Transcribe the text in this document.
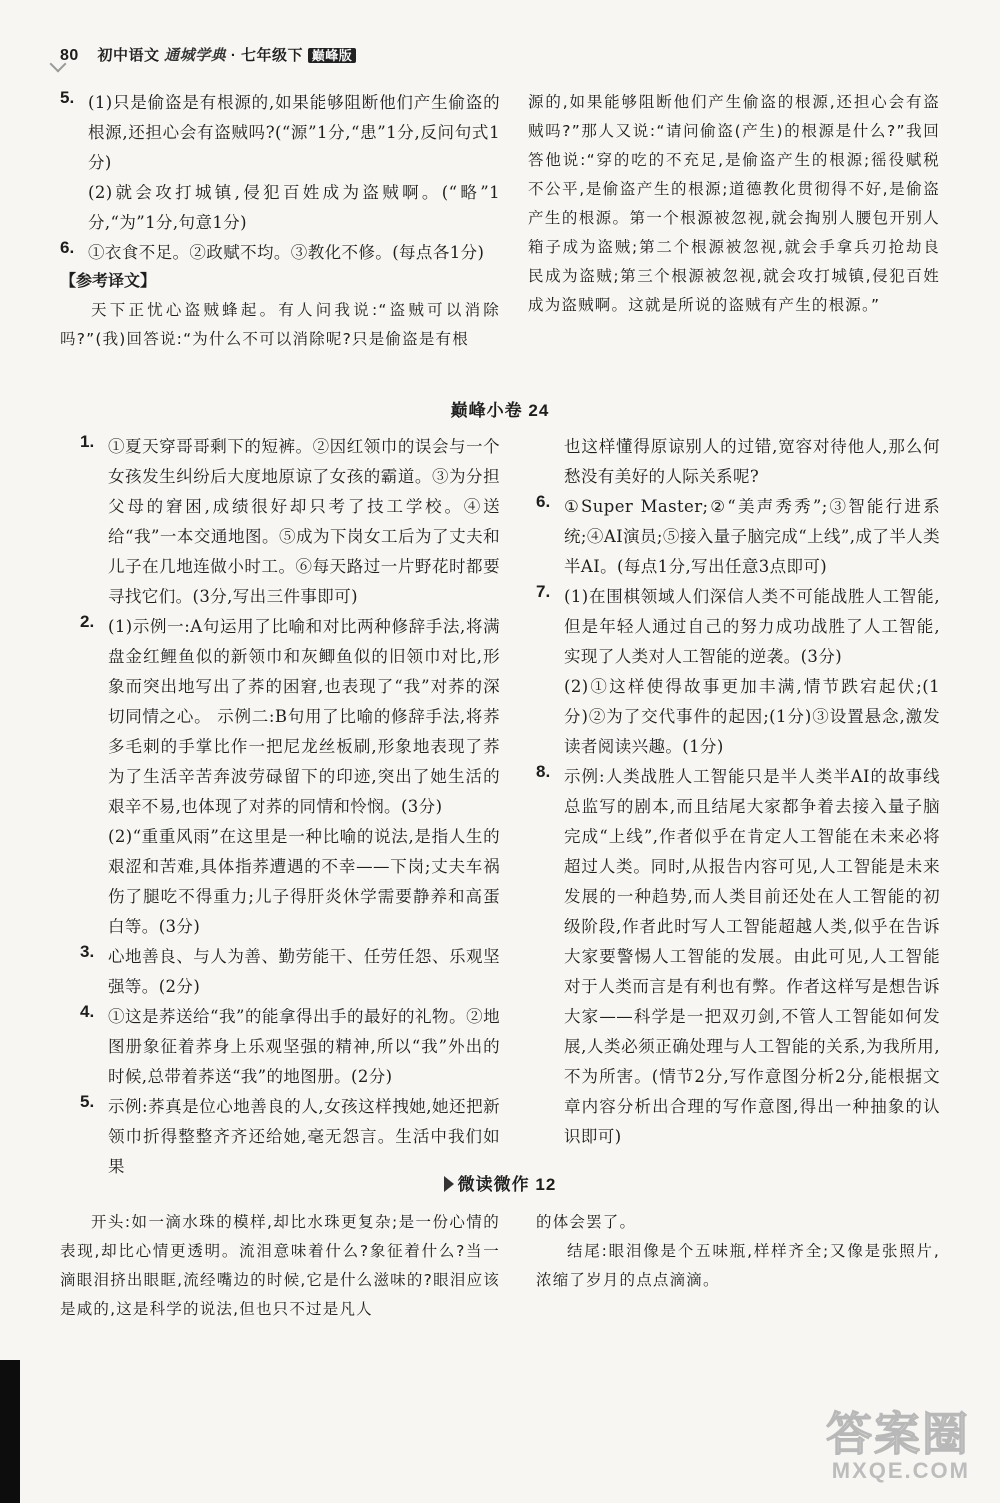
80 初中语文 通城学典 · 七年级下 巅峰版
5. (1)只是偷盗是有根源的,如果能够阻断他们产生偷盗的根源,还担心会有盗贼吗?(“源”1分,“患”1分,反问句式1分)

(2)就会攻打城镇,侵犯百姓成为盗贼啊。(“略”1分,“为”1分,句意1分)

6. ①衣食不足。②政赋不均。③教化不修。(每点各1分)

【参考译文】

天下正忧心盗贼蜂起。有人问我说:“盗贼可以消除吗?”(我)回答说:“为什么不可以消除呢?只是偷盗是有根

源的,如果能够阻断他们产生偷盗的根源,还担心会有盗贼吗?”那人又说:“请问偷盗(产生)的根源是什么?”我回答他说:“穿的吃的不充足,是偷盗产生的根源;徭役赋税不公平,是偷盗产生的根源;道德教化贯彻得不好,是偷盗产生的根源。第一个根源被忽视,就会掏别人腰包开别人箱子成为盗贼;第二个根源被忽视,就会手拿兵刃抢劫良民成为盗贼;第三个根源被忽视,就会攻打城镇,侵犯百姓成为盗贼啊。这就是所说的盗贼有产生的根源。”

巅峰小卷 24
1. ①夏天穿哥哥剩下的短裤。②因红领巾的误会与一个女孩发生纠纷后大度地原谅了女孩的霸道。③为分担父母的窘困,成绩很好却只考了技工学校。④送给“我”一本交通地图。⑤成为下岗女工后为了丈夫和儿子在几地连做小时工。⑥每天路过一片野花时都要寻找它们。(3分,写出三件事即可)

2. (1)示例一:A句运用了比喻和对比两种修辞手法,将满盘金红鲤鱼似的新领巾和灰鲫鱼似的旧领巾对比,形象而突出地写出了荞的困窘,也表现了“我”对荞的深切同情之心。 示例二:B句用了比喻的修辞手法,将荞多毛刺的手掌比作一把尼龙丝板刷,形象地表现了荞为了生活辛苦奔波劳碌留下的印迹,突出了她生活的艰辛不易,也体现了对荞的同情和怜悯。(3分)

(2)“重重风雨”在这里是一种比喻的说法,是指人生的艰涩和苦难,具体指荞遭遇的不幸——下岗;丈夫车祸伤了腿吃不得重力;儿子得肝炎休学需要静养和高蛋白等。(3分)

3. 心地善良、与人为善、勤劳能干、任劳任怨、乐观坚强等。(2分)

4. ①这是荞送给“我”的能拿得出手的最好的礼物。②地图册象征着荞身上乐观坚强的精神,所以“我”外出的时候,总带着荞送“我”的地图册。(2分)

5. 示例:荞真是位心地善良的人,女孩这样拽她,她还把新领巾折得整整齐齐还给她,毫无怨言。生活中我们如果

也这样懂得原谅别人的过错,宽容对待他人,那么何愁没有美好的人际关系呢?

6. ①Super Master;②“美声秀秀”;③智能行进系统;④AI演员;⑤接入量子脑完成“上线”,成了半人类半AI。(每点1分,写出任意3点即可)

7. (1)在围棋领域人们深信人类不可能战胜人工智能,但是年轻人通过自己的努力成功战胜了人工智能,实现了人类对人工智能的逆袭。(3分)

(2)①这样使得故事更加丰满,情节跌宕起伏;(1分)②为了交代事件的起因;(1分)③设置悬念,激发读者阅读兴趣。(1分)

8. 示例:人类战胜人工智能只是半人类半AI的故事线总监写的剧本,而且结尾大家都争着去接入量子脑完成“上线”,作者似乎在肯定人工智能在未来必将超过人类。同时,从报告内容可见,人工智能是未来发展的一种趋势,而人类目前还处在人工智能的初级阶段,作者此时写人工智能超越人类,似乎在告诉大家要警惕人工智能的发展。由此可见,人工智能对于人类而言是有利也有弊。作者这样写是想告诉大家——科学是一把双刃剑,不管人工智能如何发展,人类必须正确处理与人工智能的关系,为我所用,不为所害。(情节2分,写作意图分析2分,能根据文章内容分析出合理的写作意图,得出一种抽象的认识即可)

微读微作 12

开头:如一滴水珠的模样,却比水珠更复杂;是一份心情的表现,却比心情更透明。流泪意味着什么?象征着什么?当一滴眼泪挤出眼眶,流经嘴边的时候,它是什么滋味的?眼泪应该是咸的,这是科学的说法,但也只不过是凡人

的体会罢了。

结尾:眼泪像是个五味瓶,样样齐全;又像是张照片,浓缩了岁月的点点滴滴。

答案圈
MXQE.COM
